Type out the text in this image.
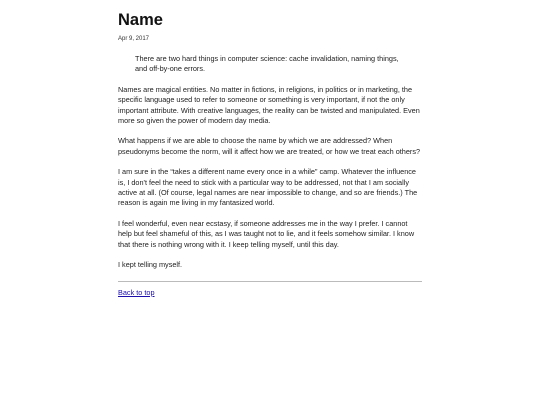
Name
Apr 9, 2017
There are two hard things in computer science: cache invalidation, naming things, and off-by-one errors.

Names are magical entities. No matter in fictions, in religions, in politics or in marketing, the specific language used to refer to someone or something is very important, if not the only important attribute. With creative languages, the reality can be twisted and manipulated. Even more so given the power of modern day media.

What happens if we are able to choose the name by which we are addressed? When pseudonyms become the norm, will it affect how we are treated, or how we treat each others?

I am sure in the “takes a different name every once in a while” camp. Whatever the influence is, I don't feel the need to stick with a particular way to be addressed, not that I am socially active at all. (Of course, legal names are near impossible to change, and so are friends.) The reason is again me living in my fantasized world.

I feel wonderful, even near ecstasy, if someone addresses me in the way I prefer. I cannot help but feel shameful of this, as I was taught not to lie, and it feels somehow similar. I know that there is nothing wrong with it. I keep telling myself, until this day.

I kept telling myself.

Back to top
